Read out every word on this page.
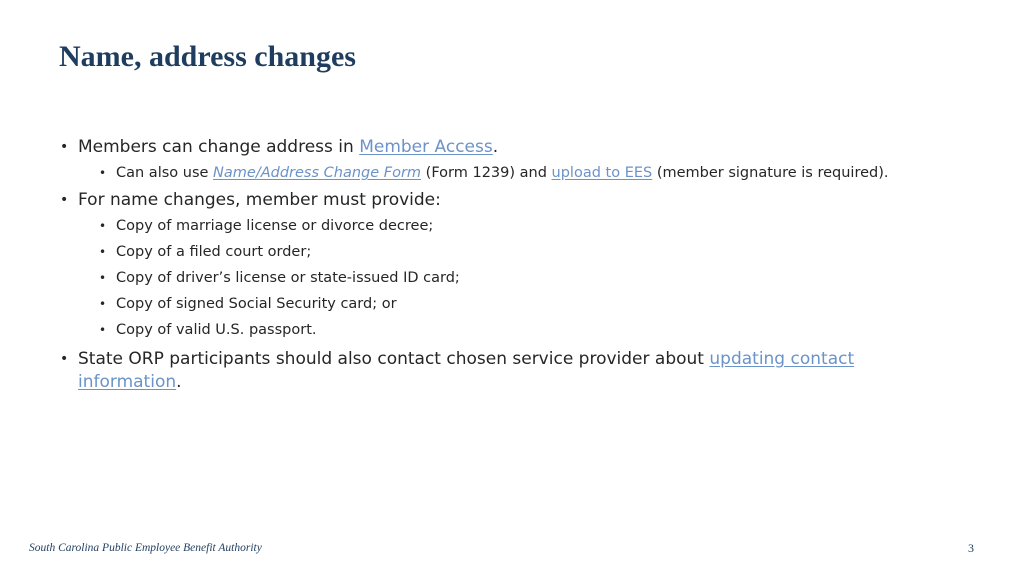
Name, address changes
• Members can change address in Member Access.
• Can also use Name/Address Change Form (Form 1239) and upload to EES (member signature is required).
• For name changes, member must provide:
• Copy of marriage license or divorce decree;
• Copy of a filed court order;
• Copy of driver’s license or state-issued ID card;
• Copy of signed Social Security card; or
• Copy of valid U.S. passport.
• State ORP participants should also contact chosen service provider about updating contact information.
South Carolina Public Employee Benefit Authority	3
